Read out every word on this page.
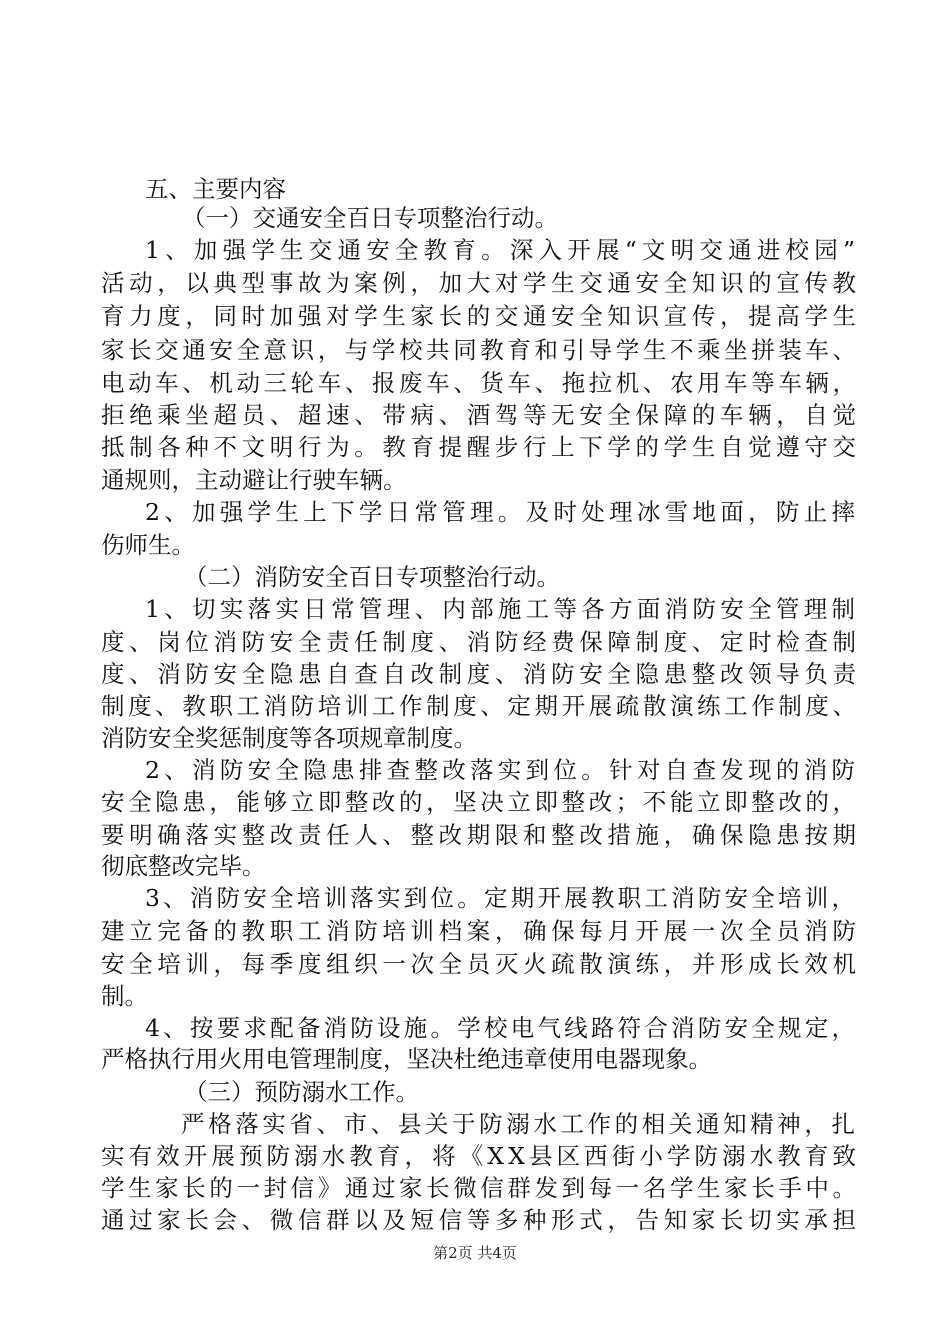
五、主要内容
（一）交通安全百日专项整治行动。
1、加强学生交通安全教育。深入开展“文明交通进校园”
活动，以典型事故为案例，加大对学生交通安全知识的宣传教
育力度，同时加强对学生家长的交通安全知识宣传，提高学生
家长交通安全意识，与学校共同教育和引导学生不乘坐拼装车、
电动车、机动三轮车、报废车、货车、拖拉机、农用车等车辆，
拒绝乘坐超员、超速、带病、酒驾等无安全保障的车辆，自觉
抵制各种不文明行为。教育提醒步行上下学的学生自觉遵守交
通规则，主动避让行驶车辆。
2、加强学生上下学日常管理。及时处理冰雪地面，防止摔
伤师生。
（二）消防安全百日专项整治行动。
1、切实落实日常管理、内部施工等各方面消防安全管理制
度、岗位消防安全责任制度、消防经费保障制度、定时检查制
度、消防安全隐患自查自改制度、消防安全隐患整改领导负责
制度、教职工消防培训工作制度、定期开展疏散演练工作制度、
消防安全奖惩制度等各项规章制度。
2、消防安全隐患排查整改落实到位。针对自查发现的消防
安全隐患，能够立即整改的，坚决立即整改；不能立即整改的，
要明确落实整改责任人、整改期限和整改措施，确保隐患按期
彻底整改完毕。
3、消防安全培训落实到位。定期开展教职工消防安全培训，
建立完备的教职工消防培训档案，确保每月开展一次全员消防
安全培训，每季度组织一次全员灭火疏散演练，并形成长效机
制。
4、按要求配备消防设施。学校电气线路符合消防安全规定，
严格执行用火用电管理制度，坚决杜绝违章使用电器现象。
（三）预防溺水工作。
严格落实省、市、县关于防溺水工作的相关通知精神，扎
实有效开展预防溺水教育，将《XX县区西街小学防溺水教育致
学生家长的一封信》通过家长微信群发到每一名学生家长手中。
通过家长会、微信群以及短信等多种形式，告知家长切实承担
第2页 共4页
